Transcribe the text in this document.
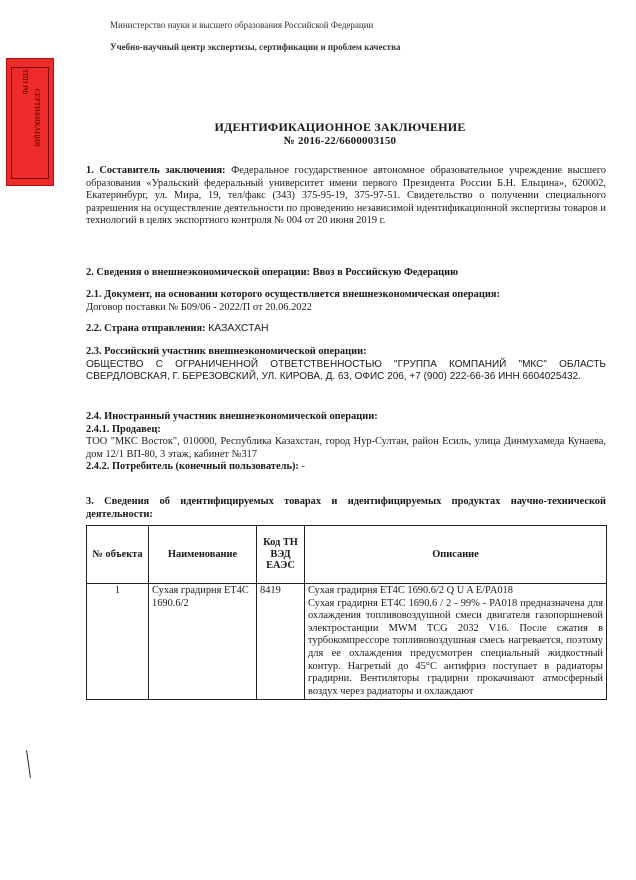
Министерство науки и высшего образования Российской Федерации
Учебно-научный центр экспертизы, сертификации и проблем качества
ТПП РФ
СЕРТИФИКАЦИЯ	ИДЕНТИФИКАЦИОННОЕ ЗАКЛЮЧЕНИЕ
№ 2016-22/6600003150
1. Составитель заключения: Федеральное государственное автономное образовательное учреждение высшего образования «Уральский федеральный университет имени первого Президента России Б.Н. Ельцина», 620002, Екатеринбург, ул. Мира, 19, тел/факс (343) 375-95-19, 375-97-51. Свидетельство о получении специального разрешения на осуществление деятельности по проведению независимой идентификационной экспертизы товаров и технологий в целях экспортного контроля № 004 от 20 июня 2019 г.
2. Сведения о внешнеэкономической операции: Ввоз в Российскую Федерацию
2.1. Документ, на основании которого осуществляется внешнеэкономическая операция:
Договор поставки № Б09/06 - 2022/П от 20.06.2022
2.2. Страна отправления: КАЗАХСТАН
2.3. Российский участник внешнеэкономической операции:
ОБЩЕСТВО С ОГРАНИЧЕННОЙ ОТВЕТСТВЕННОСТЬЮ "ГРУППА КОМПАНИЙ "МКС" ОБЛАСТЬ СВЕРДЛОВСКАЯ, Г. БЕРЕЗОВСКИЙ, УЛ. КИРОВА, Д. 63, ОФИС 206, +7 (900) 222-66-36 ИНН 6604025432.
2.4. Иностранный участник внешнеэкономической операции:
2.4.1. Продавец:
ТОО "МКС Восток", 010000, Республика Казахстан, город Нур-Султан, район Есиль, улица Динмухамеда Кунаева, дом 12/1 ВП-80, 3 этаж, кабинет №317
2.4.2. Потребитель (конечный пользователь): -
3. Сведения об идентифицируемых товарах и идентифицируемых продуктах научно-технической деятельности:
№ объекта	Наименование	Код ТН ВЭД ЕАЭС	Описание
1	Сухая градирня ET4C 1690.6/2	8419	Сухая градирня ET4C 1690.6/2 Q U A E/PA018
Сухая градирня ET4C 1690.6 / 2 - 99% - PA018 предназначена для охлаждения топливовоздушной смеси двигателя газопоршневой электростанции MWM TCG 2032 V16. После сжатия в турбокомпрессоре топливовоздушная смесь нагревается, поэтому для ее охлаждения предусмотрен специальный жидкостный контур. Нагретый до 45°С антифриз поступает в радиаторы градирни. Вентиляторы градирни прокачивают атмосферный воздух через радиаторы и охлаждают
